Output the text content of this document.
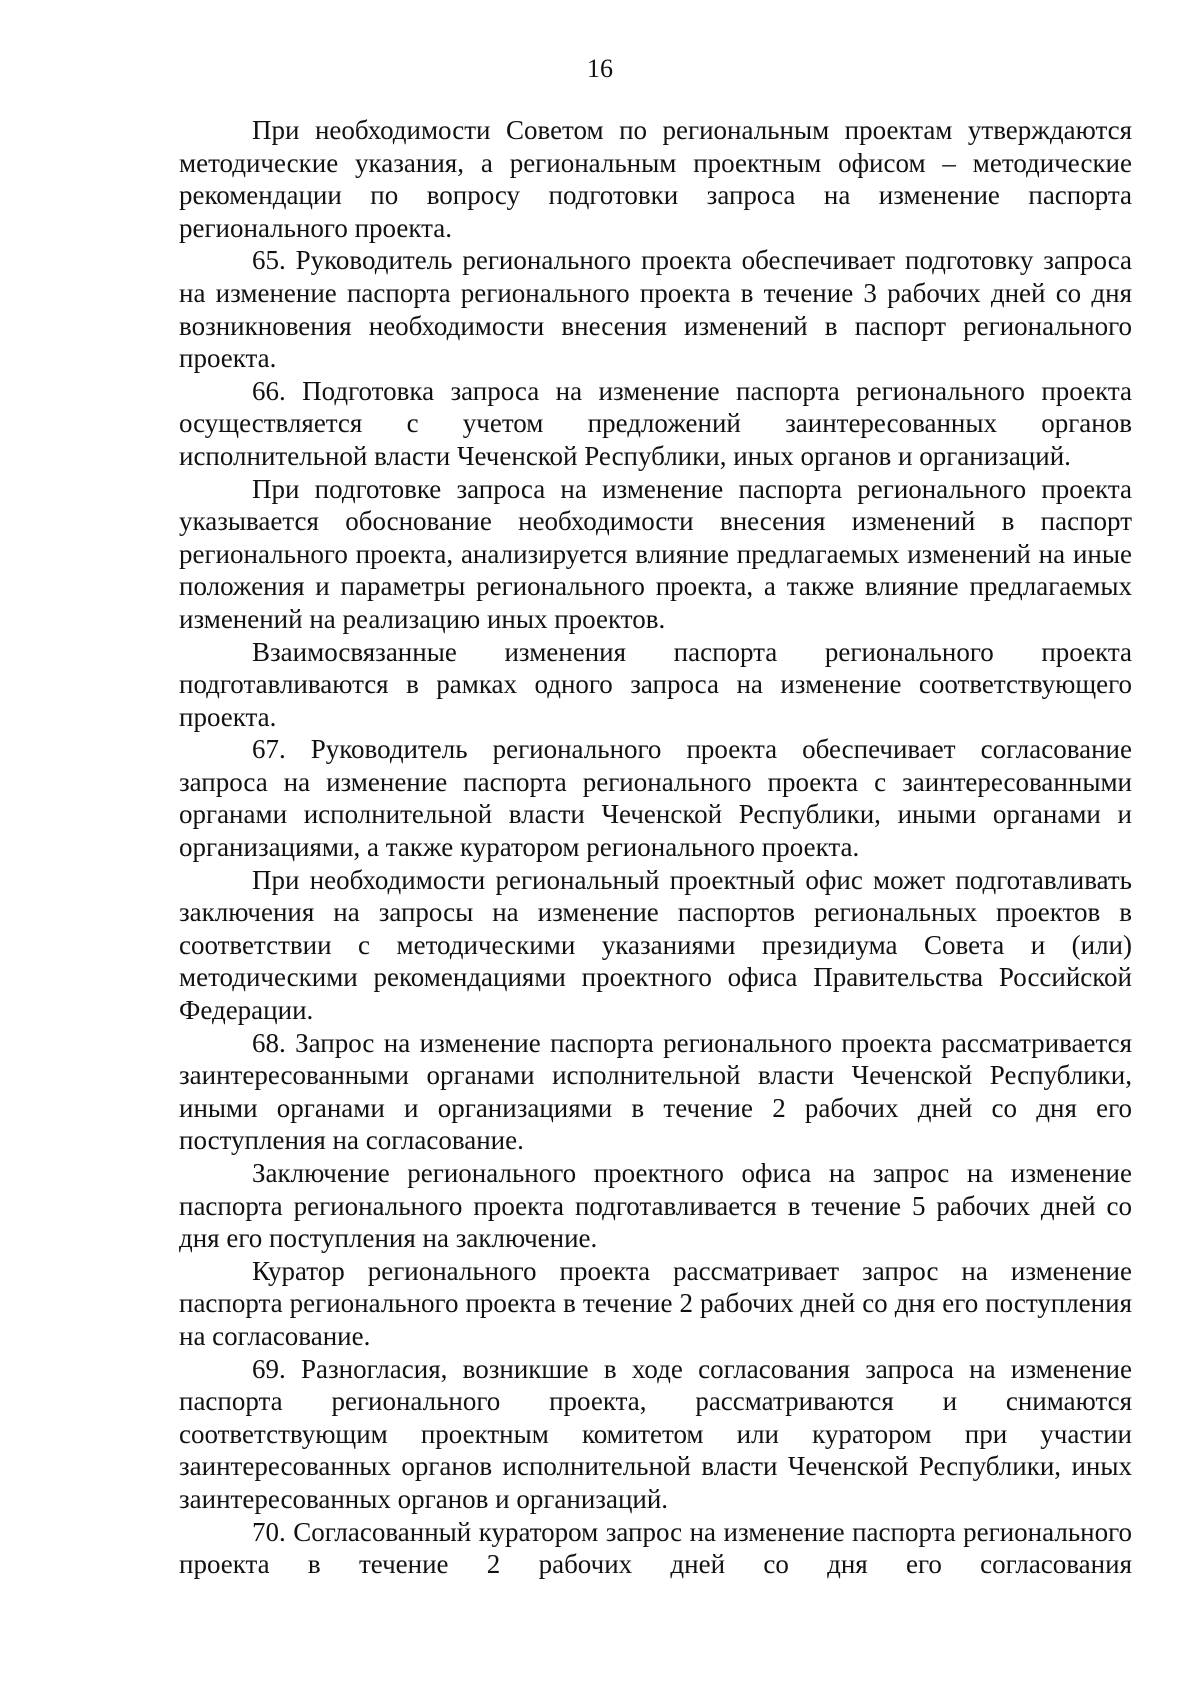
16

При необходимости Советом по региональным проектам утверждаются методические указания, а региональным проектным офисом – методические рекомендации по вопросу подготовки запроса на изменение паспорта регионального проекта.

65. Руководитель регионального проекта обеспечивает подготовку запроса на изменение паспорта регионального проекта в течение 3 рабочих дней со дня возникновения необходимости внесения изменений в паспорт регионального проекта.

66. Подготовка запроса на изменение паспорта регионального проекта осуществляется с учетом предложений заинтересованных органов исполнительной власти Чеченской Республики, иных органов и организаций.

При подготовке запроса на изменение паспорта регионального проекта указывается обоснование необходимости внесения изменений в паспорт регионального проекта, анализируется влияние предлагаемых изменений на иные положения и параметры регионального проекта, а также влияние предлагаемых изменений на реализацию иных проектов.

Взаимосвязанные изменения паспорта регионального проекта подготавливаются в рамках одного запроса на изменение соответствующего проекта.

67. Руководитель регионального проекта обеспечивает согласование запроса на изменение паспорта регионального проекта с заинтересованными органами исполнительной власти Чеченской Республики, иными органами и организациями, а также куратором регионального проекта.

При необходимости региональный проектный офис может подготавливать заключения на запросы на изменение паспортов региональных проектов в соответствии с методическими указаниями президиума Совета и (или) методическими рекомендациями проектного офиса Правительства Российской Федерации.

68. Запрос на изменение паспорта регионального проекта рассматривается заинтересованными органами исполнительной власти Чеченской Республики, иными органами и организациями в течение 2 рабочих дней со дня его поступления на согласование.

Заключение регионального проектного офиса на запрос на изменение паспорта регионального проекта подготавливается в течение 5 рабочих дней со дня его поступления на заключение.

Куратор регионального проекта рассматривает запрос на изменение паспорта регионального проекта в течение 2 рабочих дней со дня его поступления на согласование.

69. Разногласия, возникшие в ходе согласования запроса на изменение паспорта регионального проекта, рассматриваются и снимаются соответствующим проектным комитетом или куратором при участии заинтересованных органов исполнительной власти Чеченской Республики, иных заинтересованных органов и организаций.

70. Согласованный куратором запрос на изменение паспорта регионального проекта в течение 2 рабочих дней со дня его согласования
